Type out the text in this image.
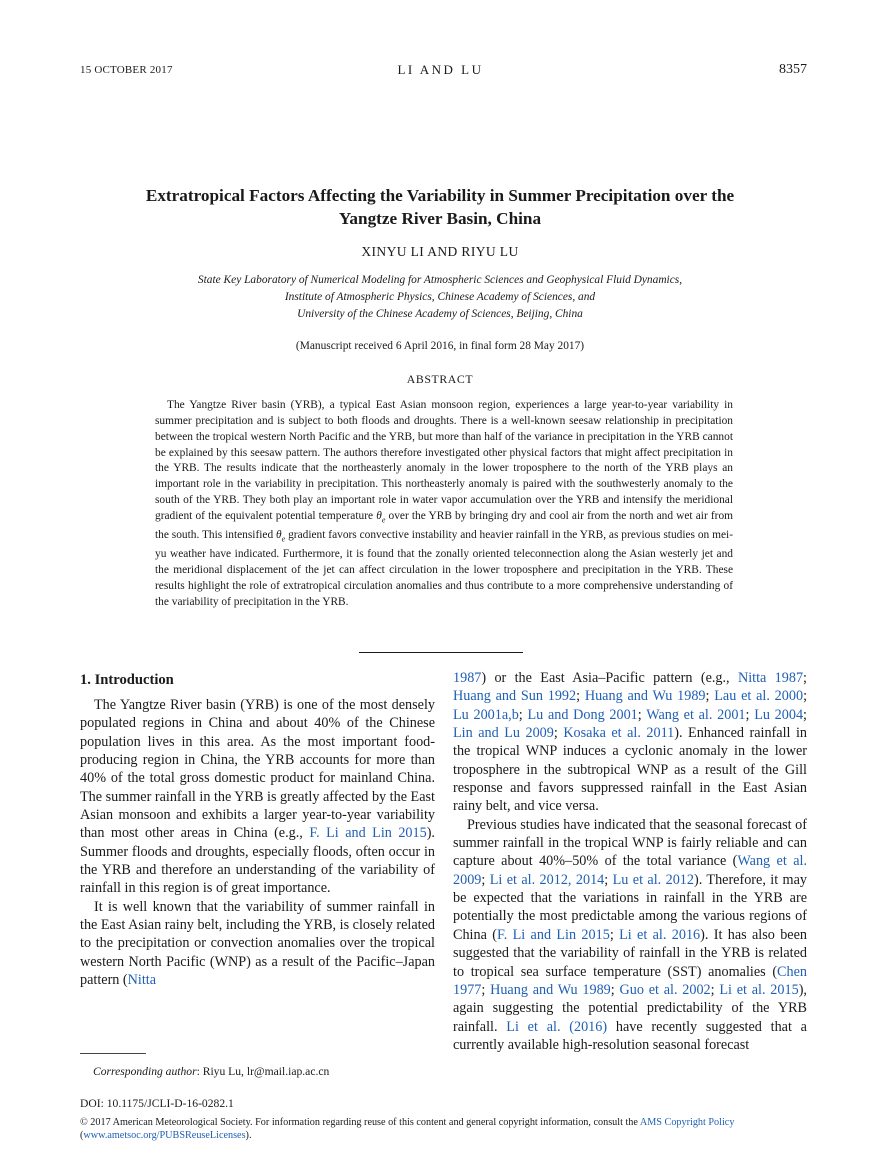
15 OCTOBER 2017	LI AND LU	8357
Extratropical Factors Affecting the Variability in Summer Precipitation over the
Yangtze River Basin, China
XINYU LI AND RIYU LU
State Key Laboratory of Numerical Modeling for Atmospheric Sciences and Geophysical Fluid Dynamics,
Institute of Atmospheric Physics, Chinese Academy of Sciences, and
University of the Chinese Academy of Sciences, Beijing, China
(Manuscript received 6 April 2016, in final form 28 May 2017)
ABSTRACT

The Yangtze River basin (YRB), a typical East Asian monsoon region, experiences a large year-to-year variability in summer precipitation and is subject to both floods and droughts. There is a well-known seesaw relationship in precipitation between the tropical western North Pacific and the YRB, but more than half of the variance in precipitation in the YRB cannot be explained by this seesaw pattern. The authors therefore investigated other physical factors that might affect precipitation in the YRB. The results indicate that the northeasterly anomaly in the lower troposphere to the north of the YRB plays an important role in the variability in precipitation. This northeasterly anomaly is paired with the southwesterly anomaly to the south of the YRB. They both play an important role in water vapor accumulation over the YRB and intensify the meridional gradient of the equivalent potential temperature $\theta_e$ over the YRB by bringing dry and cool air from the north and wet air from the south. This intensified $\theta_e$ gradient favors convective instability and heavier rainfall in the YRB, as previous studies on mei-yu weather have indicated. Furthermore, it is found that the zonally oriented teleconnection along the Asian westerly jet and the meridional displacement of the jet can affect circulation in the lower troposphere and precipitation in the YRB. These results highlight the role of extratropical circulation anomalies and thus contribute to a more comprehensive understanding of the variability of precipitation in the YRB.

1. Introduction

The Yangtze River basin (YRB) is one of the most densely populated regions in China and about 40% of the Chinese population lives in this area. As the most important food-producing region in China, the YRB accounts for more than 40% of the total gross domestic product for mainland China. The summer rainfall in the YRB is greatly affected by the East Asian monsoon and exhibits a larger year-to-year variability than most other areas in China (e.g., F. Li and Lin 2015). Summer floods and droughts, especially floods, often occur in the YRB and therefore an understanding of the variability of rainfall in this region is of great importance.

It is well known that the variability of summer rainfall in the East Asian rainy belt, including the YRB, is closely related to the precipitation or convection anomalies over the tropical western North Pacific (WNP) as a result of the Pacific–Japan pattern (Nitta

1987) or the East Asia–Pacific pattern (e.g., Nitta 1987; Huang and Sun 1992; Huang and Wu 1989; Lau et al. 2000; Lu 2001a,b; Lu and Dong 2001; Wang et al. 2001; Lu 2004; Lin and Lu 2009; Kosaka et al. 2011). Enhanced rainfall in the tropical WNP induces a cyclonic anomaly in the lower troposphere in the subtropical WNP as a result of the Gill response and favors suppressed rainfall in the East Asian rainy belt, and vice versa.

Previous studies have indicated that the seasonal forecast of summer rainfall in the tropical WNP is fairly reliable and can capture about 40%–50% of the total variance (Wang et al. 2009; Li et al. 2012, 2014; Lu et al. 2012). Therefore, it may be expected that the variations in rainfall in the YRB are potentially the most predictable among the various regions of China (F. Li and Lin 2015; Li et al. 2016). It has also been suggested that the variability of rainfall in the YRB is related to tropical sea surface temperature (SST) anomalies (Chen 1977; Huang and Wu 1989; Guo et al. 2002; Li et al. 2015), again suggesting the potential predictability of the YRB rainfall. Li et al. (2016) have recently suggested that a currently available high-resolution seasonal forecast

Corresponding author: Riyu Lu, lr@mail.iap.ac.cn
DOI: 10.1175/JCLI-D-16-0282.1
© 2017 American Meteorological Society. For information regarding reuse of this content and general copyright information, consult the AMS Copyright Policy (www.ametsoc.org/PUBSReuseLicenses).
